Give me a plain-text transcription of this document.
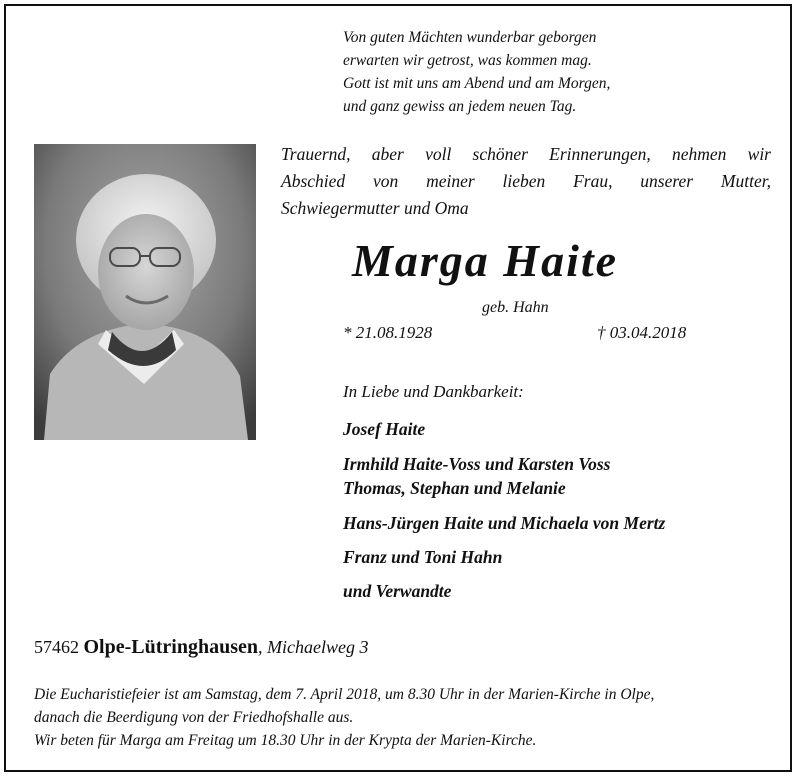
Von guten Mächten wunderbar geborgen
erwarten wir getrost, was kommen mag.
Gott ist mit uns am Abend und am Morgen,
und ganz gewiss an jedem neuen Tag.
Trauernd, aber voll schöner Erinnerungen, nehmen wir
Abschied von meiner lieben Frau, unserer Mutter,
Schwiegermutter und Oma
Marga Haite
geb. Hahn
* 21.08.1928	† 03.04.2018
In Liebe und Dankbarkeit:
Josef Haite
Irmhild Haite-Voss und Karsten Voss
Thomas, Stephan und Melanie
Hans-Jürgen Haite und Michaela von Mertz
Franz und Toni Hahn
und Verwandte
57462 Olpe-Lütringhausen, Michaelweg 3
Die Eucharistiefeier ist am Samstag, dem 7. April 2018, um 8.30 Uhr in der Marien-Kirche in Olpe,
danach die Beerdigung von der Friedhofshalle aus.
Wir beten für Marga am Freitag um 18.30 Uhr in der Krypta der Marien-Kirche.
